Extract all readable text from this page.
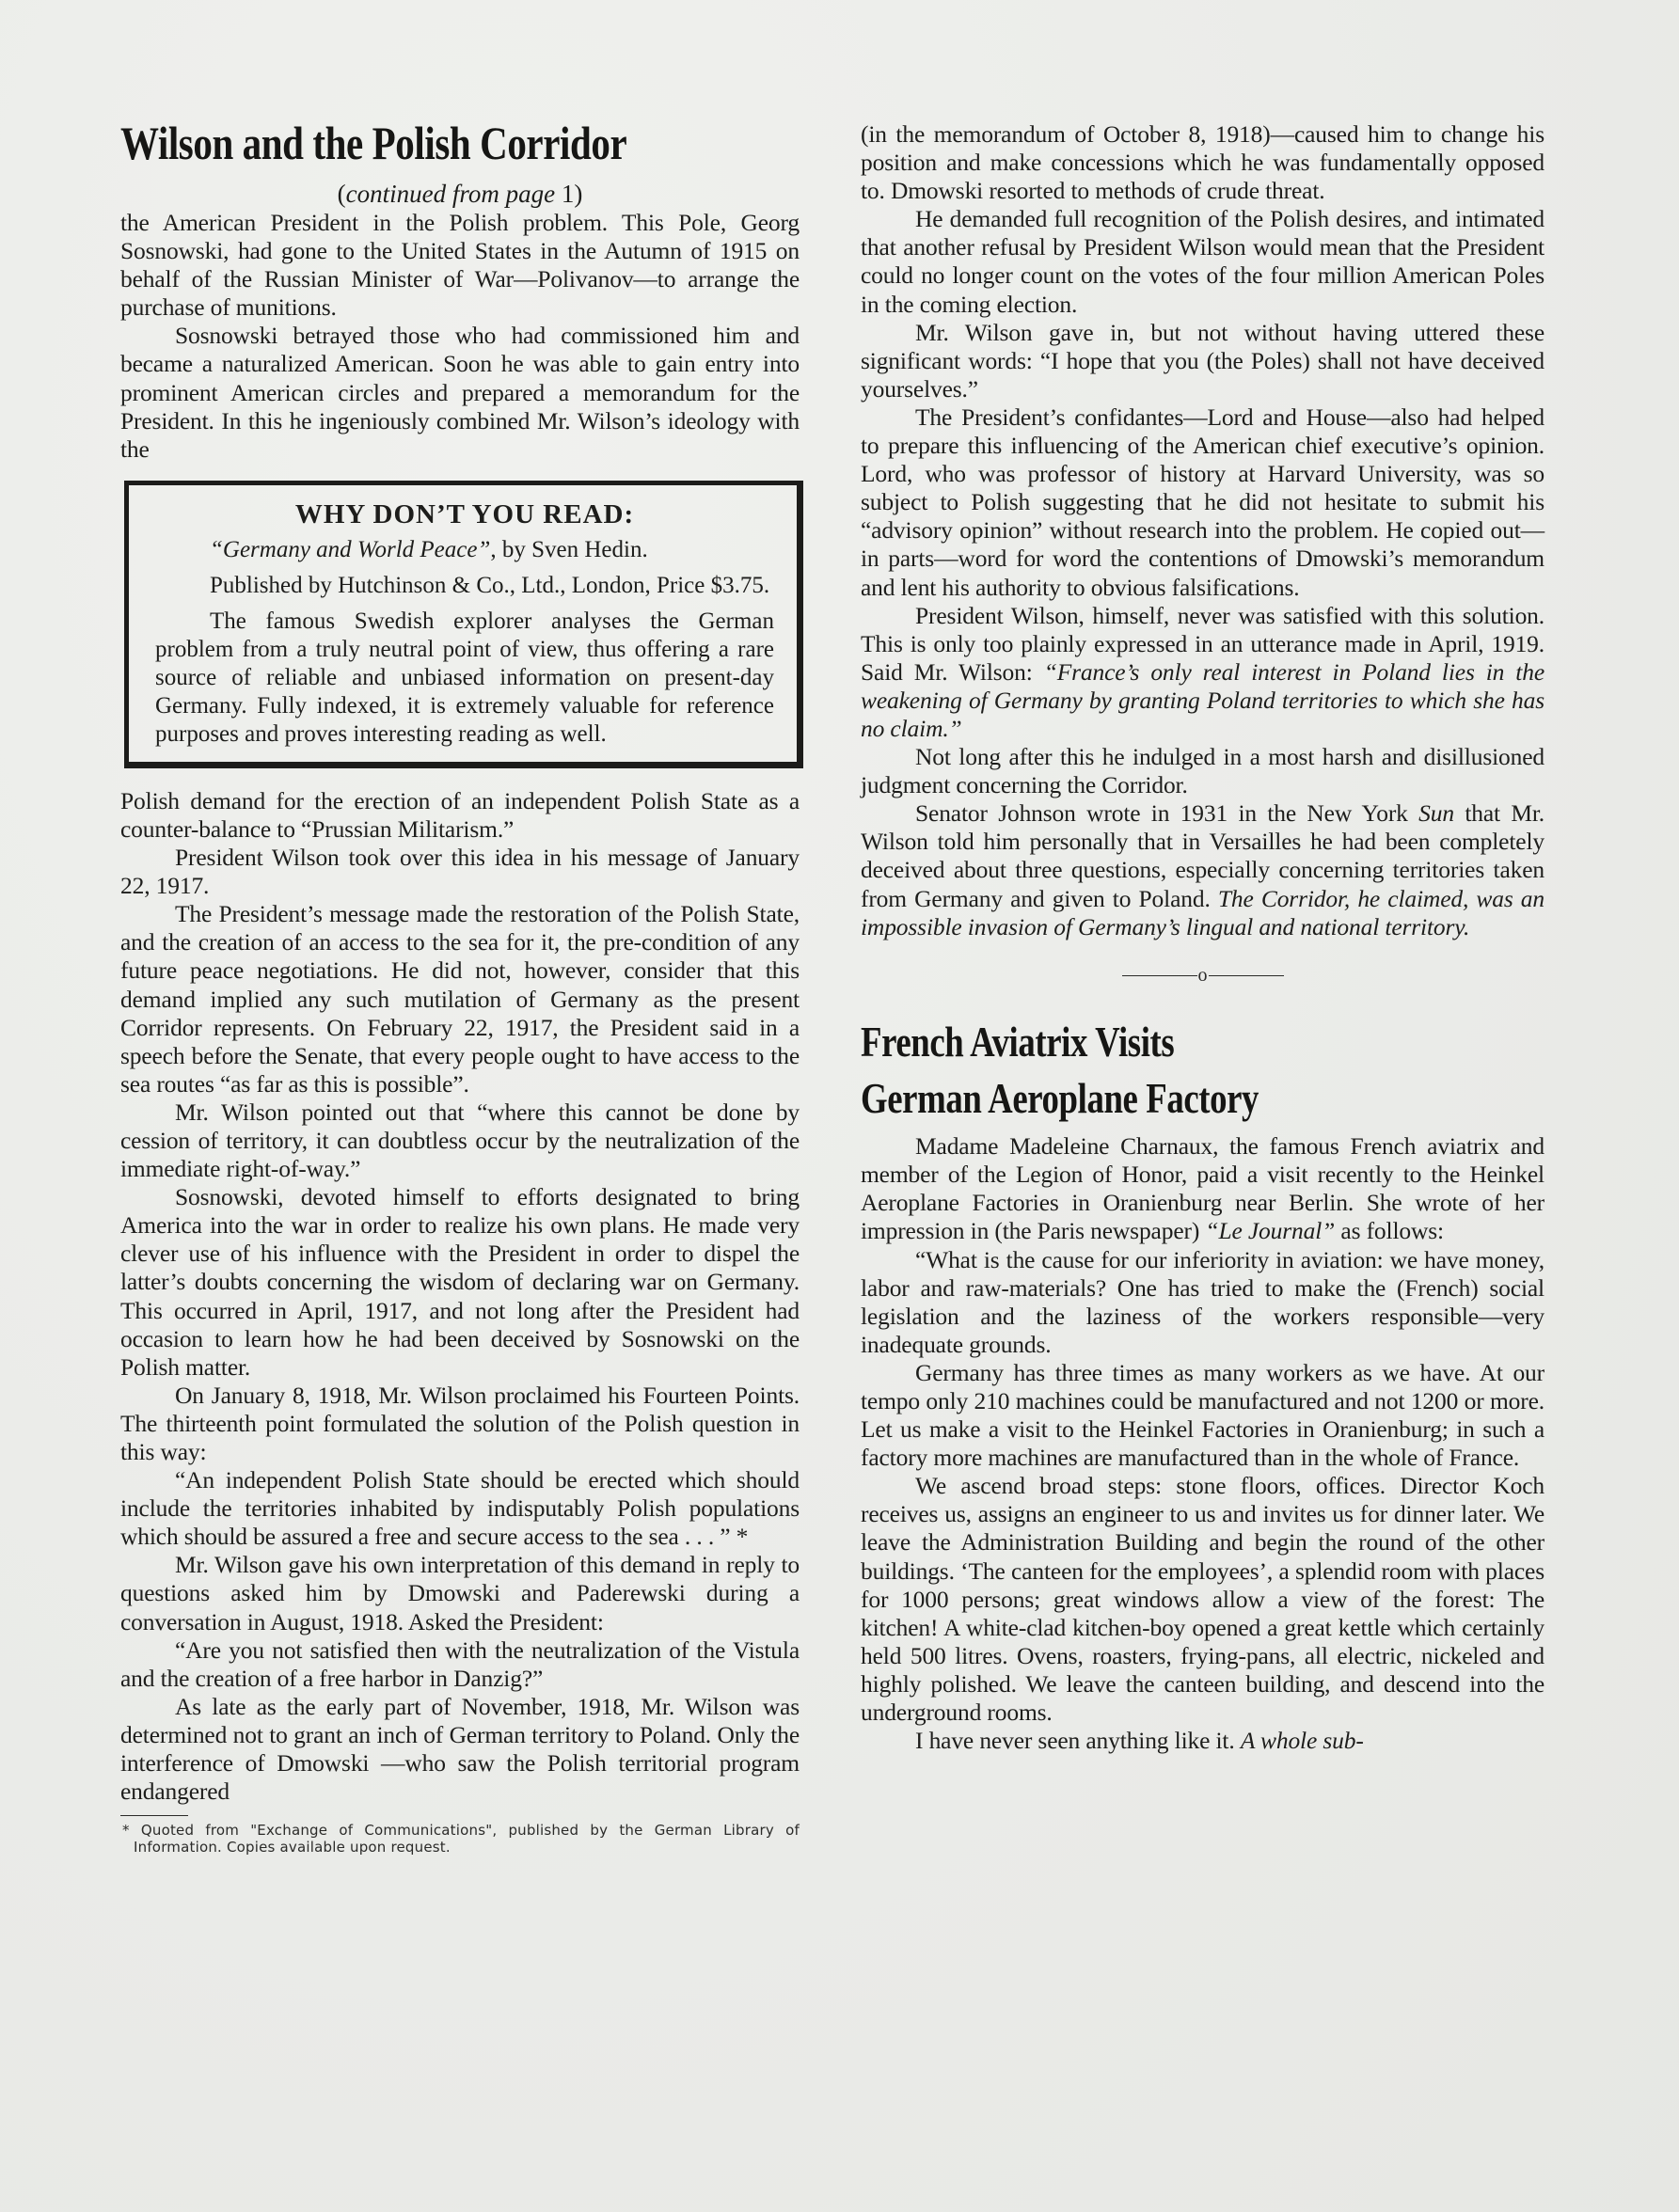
Wilson and the Polish Corridor
(continued from page 1)

the American President in the Polish problem. This Pole, Georg Sosnowski, had gone to the United States in the Autumn of 1915 on behalf of the Russian Minister of War—Polivanov—to arrange the purchase of munitions.

Sosnowski betrayed those who had commissioned him and became a naturalized American. Soon he was able to gain entry into prominent American circles and prepared a memorandum for the President. In this he ingeniously combined Mr. Wilson’s ideology with the

WHY DON’T YOU READ:

“Germany and World Peace”, by Sven Hedin.

Published by Hutchinson & Co., Ltd., London, Price $3.75.

The famous Swedish explorer analyses the German problem from a truly neutral point of view, thus offering a rare source of reliable and unbiased information on present-day Germany. Fully indexed, it is extremely valuable for reference purposes and proves interesting reading as well.

Polish demand for the erection of an independent Polish State as a counter-balance to “Prussian Militarism.”

President Wilson took over this idea in his message of January 22, 1917.

The President’s message made the restoration of the Polish State, and the creation of an access to the sea for it, the pre-condition of any future peace negotiations. He did not, however, consider that this demand implied any such mutilation of Germany as the present Corridor represents. On February 22, 1917, the President said in a speech before the Senate, that every people ought to have access to the sea routes “as far as this is possible”.

Mr. Wilson pointed out that “where this cannot be done by cession of territory, it can doubtless occur by the neutralization of the immediate right-of-way.”

Sosnowski, devoted himself to efforts designated to bring America into the war in order to realize his own plans. He made very clever use of his influence with the President in order to dispel the latter’s doubts concerning the wisdom of declaring war on Germany. This occurred in April, 1917, and not long after the President had occasion to learn how he had been deceived by Sosnowski on the Polish matter.

On January 8, 1918, Mr. Wilson proclaimed his Fourteen Points. The thirteenth point formulated the solution of the Polish question in this way:

“An independent Polish State should be erected which should include the territories inhabited by indisputably Polish populations which should be assured a free and secure access to the sea . . . ” *

Mr. Wilson gave his own interpretation of this demand in reply to questions asked him by Dmowski and Paderewski during a conversation in August, 1918. Asked the President:

“Are you not satisfied then with the neutralization of the Vistula and the creation of a free harbor in Danzig?”

As late as the early part of November, 1918, Mr. Wilson was determined not to grant an inch of German territory to Poland. Only the interference of Dmowski —who saw the Polish territorial program endangered

* Quoted from "Exchange of Communications", published by the German Library of Information. Copies available upon request.

(in the memorandum of October 8, 1918)—caused him to change his position and make concessions which he was fundamentally opposed to. Dmowski resorted to methods of crude threat.

He demanded full recognition of the Polish desires, and intimated that another refusal by President Wilson would mean that the President could no longer count on the votes of the four million American Poles in the coming election.

Mr. Wilson gave in, but not without having uttered these significant words: “I hope that you (the Poles) shall not have deceived yourselves.”

The President’s confidantes—Lord and House—also had helped to prepare this influencing of the American chief executive’s opinion. Lord, who was professor of history at Harvard University, was so subject to Polish suggesting that he did not hesitate to submit his “advisory opinion” without research into the problem. He copied out—in parts—word for word the contentions of Dmowski’s memorandum and lent his authority to obvious falsifications.

President Wilson, himself, never was satisfied with this solution. This is only too plainly expressed in an utterance made in April, 1919. Said Mr. Wilson: “France’s only real interest in Poland lies in the weakening of Germany by granting Poland territories to which she has no claim.”

Not long after this he indulged in a most harsh and disillusioned judgment concerning the Corridor.

Senator Johnson wrote in 1931 in the New York Sun that Mr. Wilson told him personally that in Versailles he had been completely deceived about three questions, especially concerning territories taken from Germany and given to Poland. The Corridor, he claimed, was an impossible invasion of Germany’s lingual and national territory.

o
French Aviatrix Visits
German Aeroplane Factory

Madame Madeleine Charnaux, the famous French aviatrix and member of the Legion of Honor, paid a visit recently to the Heinkel Aeroplane Factories in Oranienburg near Berlin. She wrote of her impression in (the Paris newspaper) “Le Journal” as follows:

“What is the cause for our inferiority in aviation: we have money, labor and raw-materials? One has tried to make the (French) social legislation and the laziness of the workers responsible—very inadequate grounds.

Germany has three times as many workers as we have. At our tempo only 210 machines could be manufactured and not 1200 or more. Let us make a visit to the Heinkel Factories in Oranienburg; in such a factory more machines are manufactured than in the whole of France.

We ascend broad steps: stone floors, offices. Director Koch receives us, assigns an engineer to us and invites us for dinner later. We leave the Administration Building and begin the round of the other buildings. ‘The canteen for the employees’, a splendid room with places for 1000 persons; great windows allow a view of the forest: The kitchen! A white-clad kitchen-boy opened a great kettle which certainly held 500 litres. Ovens, roasters, frying-pans, all electric, nickeled and highly polished. We leave the canteen building, and descend into the underground rooms.

I have never seen anything like it. A whole sub-
